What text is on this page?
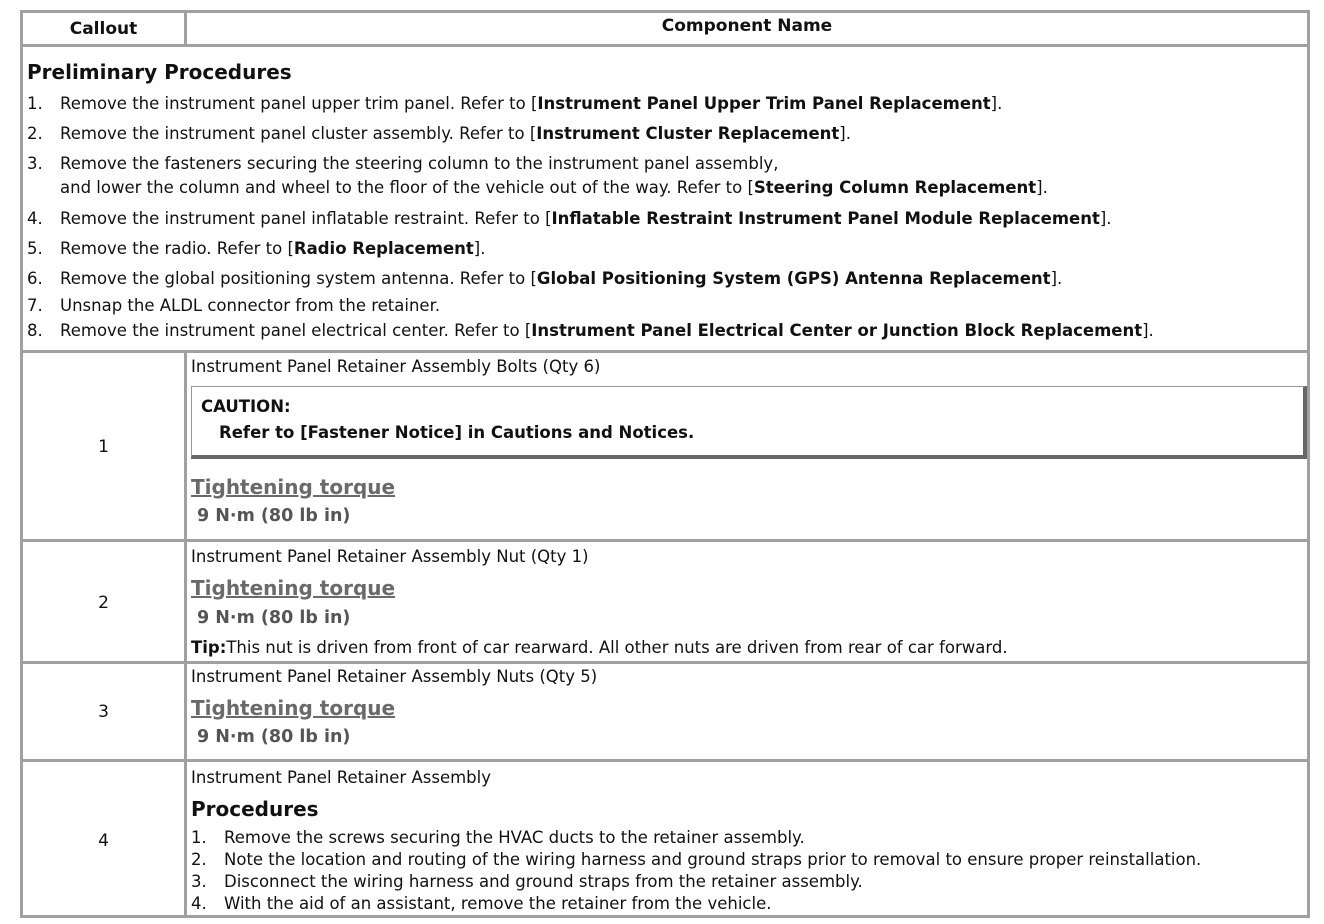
Callout	Component Name
Preliminary Procedures
1. Remove the instrument panel upper trim panel. Refer to [Instrument Panel Upper Trim Panel Replacement].
2. Remove the instrument panel cluster assembly. Refer to [Instrument Cluster Replacement].
3. Remove the fasteners securing the steering column to the instrument panel assembly,
and lower the column and wheel to the floor of the vehicle out of the way. Refer to [Steering Column Replacement].
4. Remove the instrument panel inflatable restraint. Refer to [Inflatable Restraint Instrument Panel Module Replacement].
5. Remove the radio. Refer to [Radio Replacement].
6. Remove the global positioning system antenna. Refer to [Global Positioning System (GPS) Antenna Replacement].
7. Unsnap the ALDL connector from the retainer.
8. Remove the instrument panel electrical center. Refer to [Instrument Panel Electrical Center or Junction Block Replacement].
1
Instrument Panel Retainer Assembly Bolts (Qty 6)
CAUTION:
Refer to [Fastener Notice] in Cautions and Notices.
Tightening torque
9 N·m (80 lb in)
2
Instrument Panel Retainer Assembly Nut (Qty 1)
Tightening torque
9 N·m (80 lb in)
Tip:This nut is driven from front of car rearward. All other nuts are driven from rear of car forward.
3
Instrument Panel Retainer Assembly Nuts (Qty 5)
Tightening torque
9 N·m (80 lb in)
4
Instrument Panel Retainer Assembly
Procedures
1. Remove the screws securing the HVAC ducts to the retainer assembly.
2. Note the location and routing of the wiring harness and ground straps prior to removal to ensure proper reinstallation.
3. Disconnect the wiring harness and ground straps from the retainer assembly.
4. With the aid of an assistant, remove the retainer from the vehicle.
